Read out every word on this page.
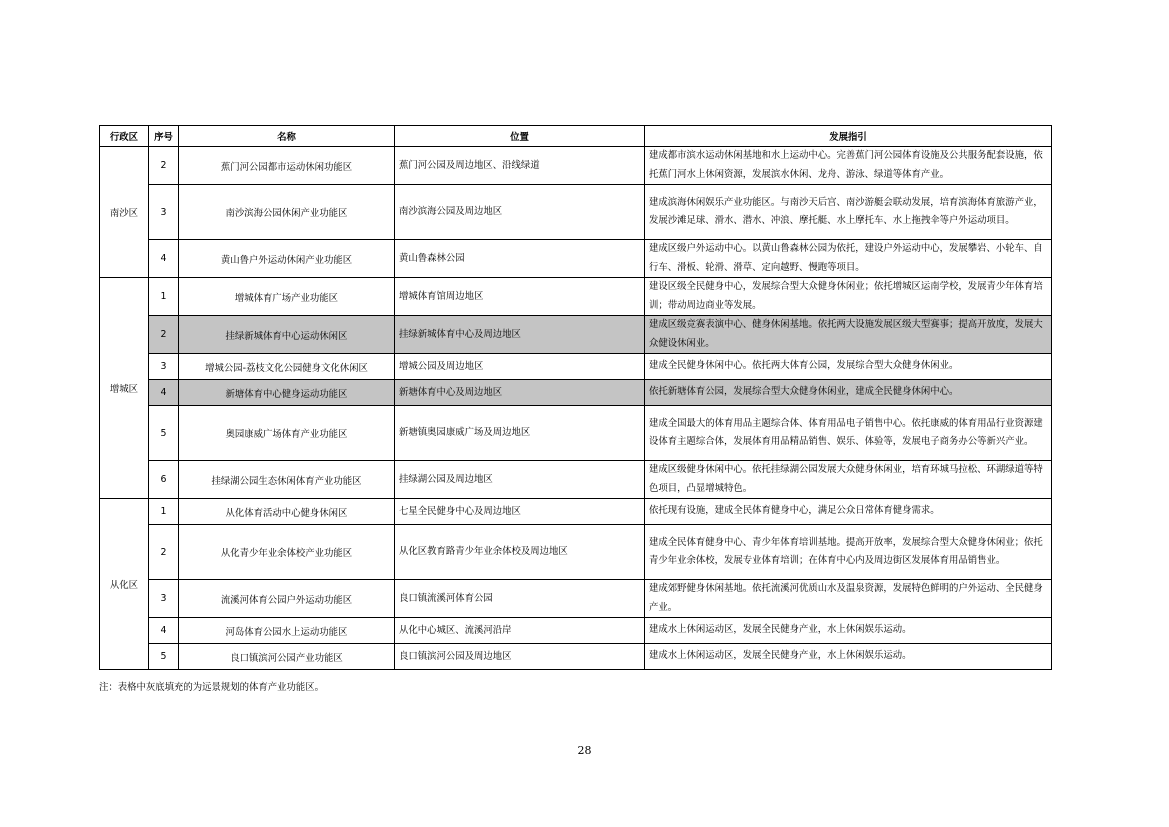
行政区	序号	名称	位置	发展指引
南沙区	2	蕉门河公园都市运动休闲功能区	蕉门河公园及周边地区、沿线绿道	建成都市滨水运动休闲基地和水上运动中心。完善蕉门河公园体育设施及公共服务配套设施，依托蕉门河水上休闲资源，发展滨水休闲、龙舟、游泳、绿道等体育产业。
	3	南沙滨海公园休闲产业功能区	南沙滨海公园及周边地区	建成滨海休闲娱乐产业功能区。与南沙天后宫、南沙游艇会联动发展，培育滨海体育旅游产业，发展沙滩足球、滑水、潜水、冲浪、摩托艇、水上摩托车、水上拖拽伞等户外运动项目。
	4	黄山鲁户外运动休闲产业功能区	黄山鲁森林公园	建成区级户外运动中心。以黄山鲁森林公园为依托，建设户外运动中心，发展攀岩、小轮车、自行车、滑板、轮滑、滑草、定向越野、慢跑等项目。
增城区	1	增城体育广场产业功能区	增城体育馆周边地区	建设区级全民健身中心，发展综合型大众健身休闲业；依托增城区运南学校，发展青少年体育培训；带动周边商业等发展。
	2	挂绿新城体育中心运动休闲区	挂绿新城体育中心及周边地区	建成区级竞赛表演中心、健身休闲基地。依托两大设施发展区级大型赛事；提高开放度，发展大众健设休闲业。
	3	增城公园-荔枝文化公园健身文化休闲区	增城公园及周边地区	建成全民健身休闲中心。依托两大体育公园，发展综合型大众健身休闲业。
	4	新塘体育中心健身运动功能区	新塘体育中心及周边地区	依托新塘体育公园，发展综合型大众健身休闲业，建成全民健身休闲中心。
	5	奥园康威广场体育产业功能区	新塘镇奥园康威广场及周边地区	建成全国最大的体育用品主题综合体、体育用品电子销售中心。依托康威的体育用品行业资源建设体育主题综合体，发展体育用品精品销售、娱乐、体验等，发展电子商务办公等新兴产业。
	6	挂绿湖公园生态休闲体育产业功能区	挂绿湖公园及周边地区	建成区级健身休闲中心。依托挂绿湖公园发展大众健身休闲业，培育环城马拉松、环湖绿道等特色项目，凸显增城特色。
从化区	1	从化体育活动中心健身休闲区	七星全民健身中心及周边地区	依托现有设施，建成全民体育健身中心，满足公众日常体育健身需求。
	2	从化青少年业余体校产业功能区	从化区教育路青少年业余体校及周边地区	建成全民体育健身中心、青少年体育培训基地。提高开放率，发展综合型大众健身休闲业；依托青少年业余体校，发展专业体育培训；在体育中心内及周边街区发展体育用品销售业。
	3	流溪河体育公园户外运动功能区	良口镇流溪河体育公园	建成郊野健身休闲基地。依托流溪河优质山水及温泉资源，发展特色鲜明的户外运动、全民健身产业。
	4	河岛体育公园水上运动功能区	从化中心城区、流溪河沿岸	建成水上休闲运动区，发展全民健身产业，水上休闲娱乐运动。
	5	良口镇滨河公园产业功能区	良口镇滨河公园及周边地区	建成水上休闲运动区，发展全民健身产业，水上休闲娱乐运动。
注：表格中灰底填充的为远景规划的体育产业功能区。
28
